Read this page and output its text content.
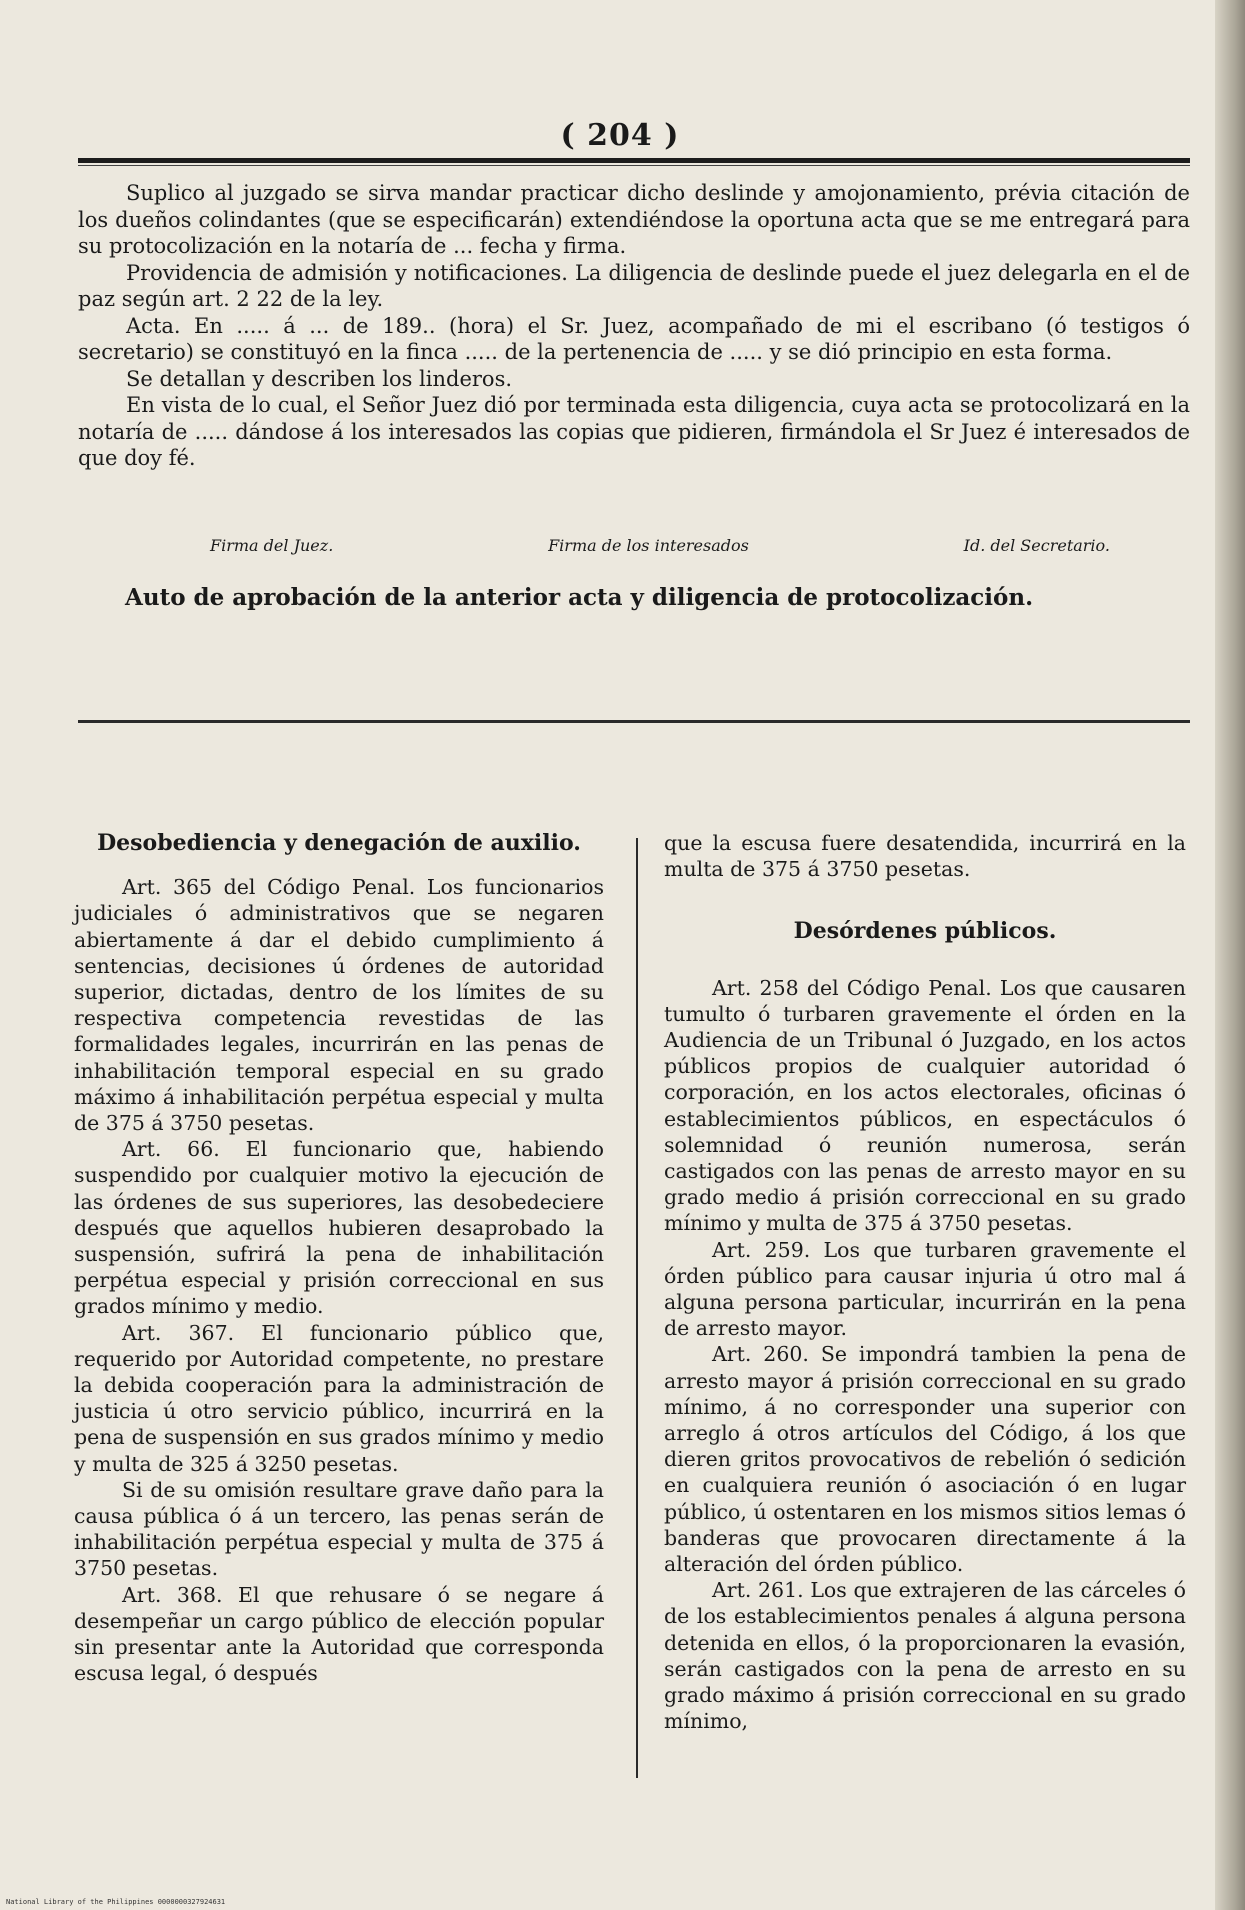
( 204 )

Suplico al juzgado se sirva mandar practicar dicho deslinde y amojonamiento, prévia citación de los dueños colindantes (que se especificarán) extendiéndose la oportuna acta que se me entregará para su protocolización en la notaría de ... fecha y firma.

Providencia de admisión y notificaciones. La diligencia de deslinde puede el juez delegarla en el de paz según art. 2 22 de la ley.

Acta. En ..... á ... de 189.. (hora) el Sr. Juez, acompañado de mi el escribano (ó testigos ó secretario) se constituyó en la finca ..... de la pertenencia de ..... y se dió principio en esta forma.

Se detallan y describen los linderos.

En vista de lo cual, el Señor Juez dió por terminada esta diligencia, cuya acta se protocolizará en la notaría de ..... dándose á los interesados las copias que pidieren, firmándola el Sr Juez é interesados de que doy fé.

Firma del Juez.	Firma de los interesados	Id. del Secretario.
Auto de aprobación de la anterior acta y diligencia de protocolización.
Desobediencia y denegación de auxilio.

Art. 365 del Código Penal. Los funcionarios judiciales ó administrativos que se negaren abiertamente á dar el debido cumplimiento á sentencias, decisiones ú órdenes de autoridad superior, dictadas, dentro de los límites de su respectiva competencia revestidas de las formalidades legales, incurrirán en las penas de inhabilitación temporal especial en su grado máximo á inhabilitación perpétua especial y multa de 375 á 3750 pesetas.

Art. 66. El funcionario que, habiendo suspendido por cualquier motivo la ejecución de las órdenes de sus superiores, las desobedeciere después que aquellos hubieren desaprobado la suspensión, sufrirá la pena de inhabilitación perpétua especial y prisión correccional en sus grados mínimo y medio.

Art. 367. El funcionario público que, requerido por Autoridad competente, no prestare la debida cooperación para la administración de justicia ú otro servicio público, incurrirá en la pena de suspensión en sus grados mínimo y medio y multa de 325 á 3250 pesetas.

Si de su omisión resultare grave daño para la causa pública ó á un tercero, las penas serán de inhabilitación perpétua especial y multa de 375 á 3750 pesetas.

Art. 368. El que rehusare ó se negare á desempeñar un cargo público de elección popular sin presentar ante la Autoridad que corresponda escusa legal, ó después

que la escusa fuere desatendida, incurrirá en la multa de 375 á 3750 pesetas.

Desórdenes públicos.

Art. 258 del Código Penal. Los que causaren tumulto ó turbaren gravemente el órden en la Audiencia de un Tribunal ó Juzgado, en los actos públicos propios de cualquier autoridad ó corporación, en los actos electorales, oficinas ó establecimientos públicos, en espectáculos ó solemnidad ó reunión numerosa, serán castigados con las penas de arresto mayor en su grado medio á prisión correccional en su grado mínimo y multa de 375 á 3750 pesetas.

Art. 259. Los que turbaren gravemente el órden público para causar injuria ú otro mal á alguna persona particular, incurrirán en la pena de arresto mayor.

Art. 260. Se impondrá tambien la pena de arresto mayor á prisión correccional en su grado mínimo, á no corresponder una superior con arreglo á otros artículos del Código, á los que dieren gritos provocativos de rebelión ó sedición en cualquiera reunión ó asociación ó en lugar público, ú ostentaren en los mismos sitios lemas ó banderas que provocaren directamente á la alteración del órden público.

Art. 261. Los que extrajeren de las cárceles ó de los establecimientos penales á alguna persona detenida en ellos, ó la proporcionaren la evasión, serán castigados con la pena de arresto en su grado máximo á prisión correccional en su grado mínimo,

National Library of the Philippines 0000000327924631
